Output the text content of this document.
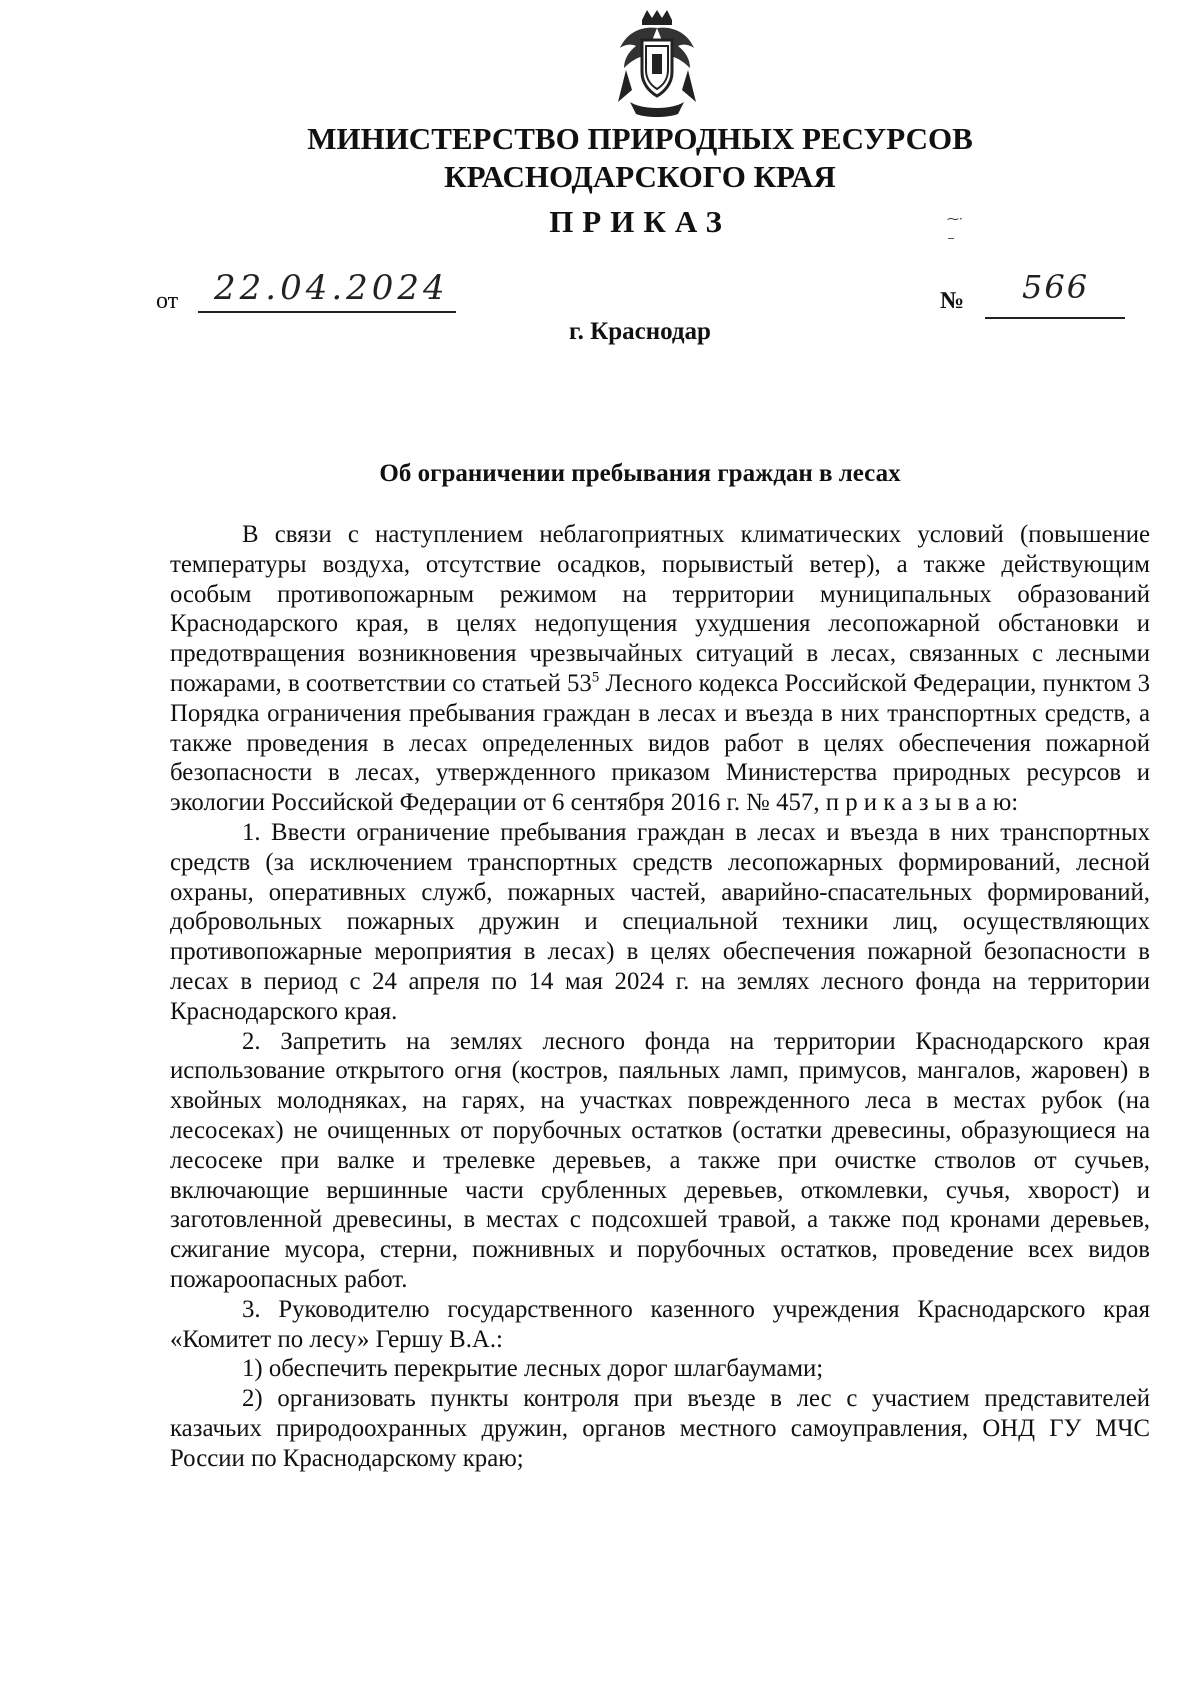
МИНИСТЕРСТВО ПРИРОДНЫХ РЕСУРСОВ
КРАСНОДАРСКОГО КРАЯ
ПРИКАЗ	⁓·
от 22.04.2024	№ 566
г. Краснодар
Об ограничении пребывания граждан в лесах

В связи с наступлением неблагоприятных климатических условий (повышение температуры воздуха, отсутствие осадков, порывистый ветер), а также действующим особым противопожарным режимом на территории муниципальных образований Краснодарского края, в целях недопущения ухудшения лесопожарной обстановки и предотвращения возникновения чрезвычайных ситуаций в лесах, связанных с лесными пожарами, в соответствии со статьей $53^5$ Лесного кодекса Российской Федерации, пунктом 3 Порядка ограничения пребывания граждан в лесах и въезда в них транспортных средств, а также проведения в лесах определенных видов работ в целях обеспечения пожарной безопасности в лесах, утвержденного приказом Министерства природных ресурсов и экологии Российской Федерации от 6 сентября 2016 г. № 457, п р и к а з ы в а ю:

1. Ввести ограничение пребывания граждан в лесах и въезда в них транспортных средств (за исключением транспортных средств лесопожарных формирований, лесной охраны, оперативных служб, пожарных частей, аварийно-спасательных формирований, добровольных пожарных дружин и специальной техники лиц, осуществляющих противопожарные мероприятия в лесах) в целях обеспечения пожарной безопасности в лесах в период с 24 апреля по 14 мая 2024 г. на землях лесного фонда на территории Краснодарского края.

2. Запретить на землях лесного фонда на территории Краснодарского края использование открытого огня (костров, паяльных ламп, примусов, мангалов, жаровен) в хвойных молодняках, на гарях, на участках поврежденного леса в местах рубок (на лесосеках) не очищенных от порубочных остатков (остатки древесины, образующиеся на лесосеке при валке и трелевке деревьев, а также при очистке стволов от сучьев, включающие вершинные части срубленных деревьев, откомлевки, сучья, хворост) и заготовленной древесины, в местах с подсохшей травой, а также под кронами деревьев, сжигание мусора, стерни, пожнивных и порубочных остатков, проведение всех видов пожароопасных работ.

3. Руководителю государственного казенного учреждения Краснодарского края «Комитет по лесу» Гершу В.А.:

1) обеспечить перекрытие лесных дорог шлагбаумами;

2) организовать пункты контроля при въезде в лес с участием представителей казачьих природоохранных дружин, органов местного самоуправления, ОНД ГУ МЧС России по Краснодарскому краю;
